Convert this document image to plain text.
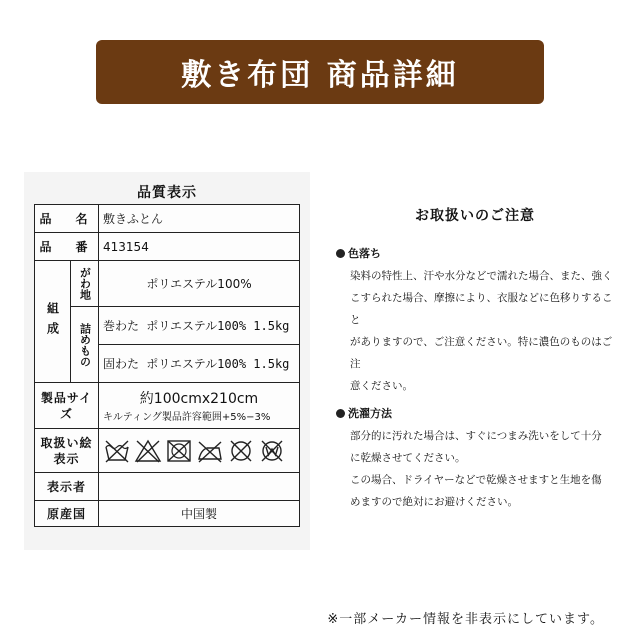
敷き布団 商品詳細
品質表示
品　名		敷きふとん
品　番		413154
組成	がわ地	ポリエステル100%
	詰めもの	巻わた ポリエステル100% 1.5kg
		固わた ポリエステル100% 1.5kg
製品サイズ		約100cmx210cm
キルティング製品許容範囲+5%−3%

取扱い絵表示	

表示者		
原産国		中国製
お取扱いのご注意
色落ち

染料の特性上、汗や水分などで濡れた場合、また、強く
こすられた場合、摩擦により、衣服などに色移りすること
がありますので、ご注意ください。特に濃色のものはご注
意ください。

洗濯方法

部分的に汚れた場合は、すぐにつまみ洗いをして十分
に乾燥させてください。
この場合、ドライヤーなどで乾燥させますと生地を傷
めますので絶対にお避けください。

※一部メーカー情報を非表示にしています。
